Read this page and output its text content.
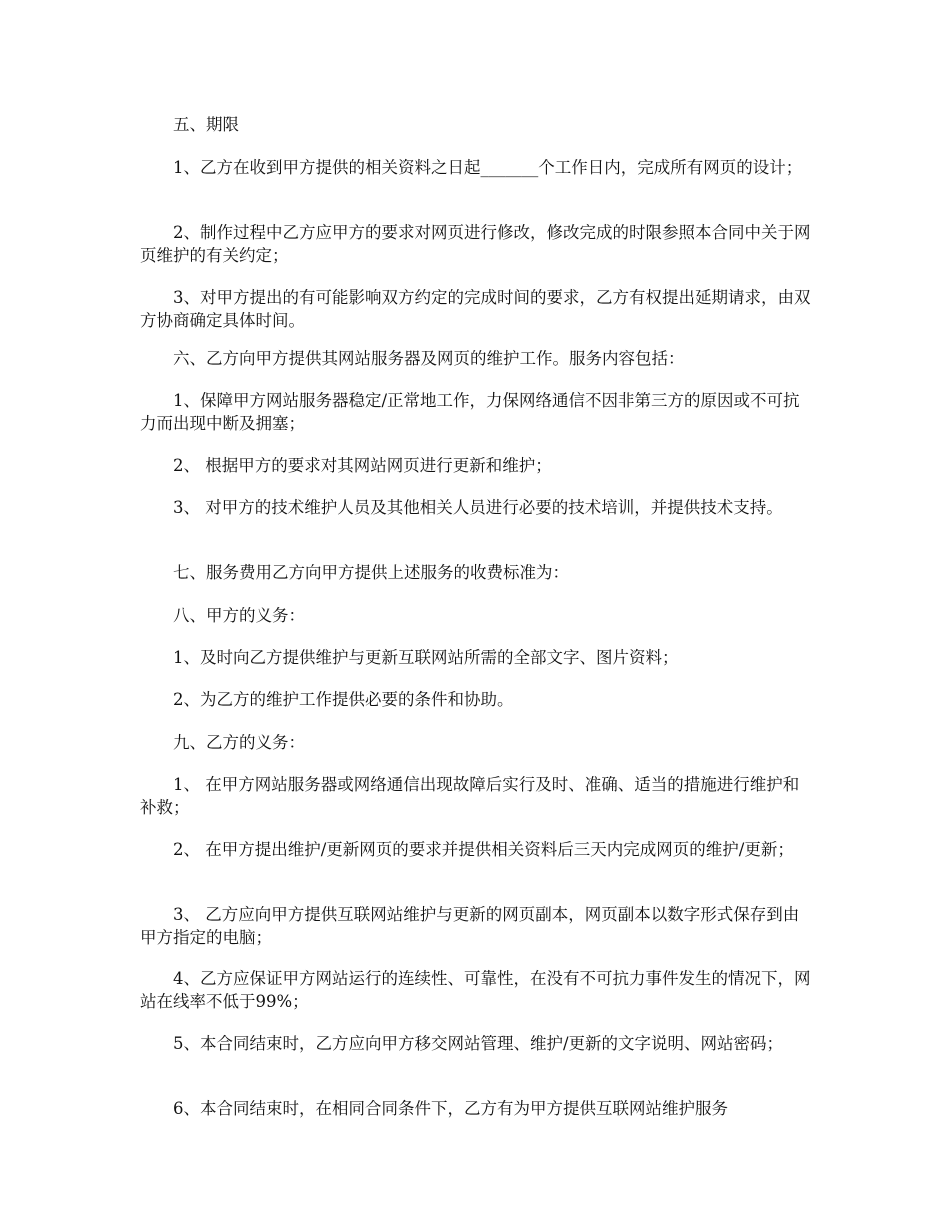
五、期限

1、乙方在收到甲方提供的相关资料之日起_______个工作日内，完成所有网页的设计；

2、制作过程中乙方应甲方的要求对网页进行修改，修改完成的时限参照本合同中关于网页维护的有关约定；

3、对甲方提出的有可能影响双方约定的完成时间的要求，乙方有权提出延期请求，由双方协商确定具体时间。

六、乙方向甲方提供其网站服务器及网页的维护工作。服务内容包括：

1、保障甲方网站服务器稳定/正常地工作，力保网络通信不因非第三方的原因或不可抗力而出现中断及拥塞；

2、 根据甲方的要求对其网站网页进行更新和维护；

3、 对甲方的技术维护人员及其他相关人员进行必要的技术培训，并提供技术支持。

七、服务费用乙方向甲方提供上述服务的收费标准为：

八、甲方的义务：

1、及时向乙方提供维护与更新互联网站所需的全部文字、图片资料；

2、为乙方的维护工作提供必要的条件和协助。

九、乙方的义务：

1、 在甲方网站服务器或网络通信出现故障后实行及时、准确、适当的措施进行维护和补救；

2、 在甲方提出维护/更新网页的要求并提供相关资料后三天内完成网页的维护/更新；

3、 乙方应向甲方提供互联网站维护与更新的网页副本，网页副本以数字形式保存到由甲方指定的电脑；

4、乙方应保证甲方网站运行的连续性、可靠性，在没有不可抗力事件发生的情况下，网站在线率不低于99%；

5、本合同结束时，乙方应向甲方移交网站管理、维护/更新的文字说明、网站密码；

6、本合同结束时，在相同合同条件下，乙方有为甲方提供互联网站维护服务
